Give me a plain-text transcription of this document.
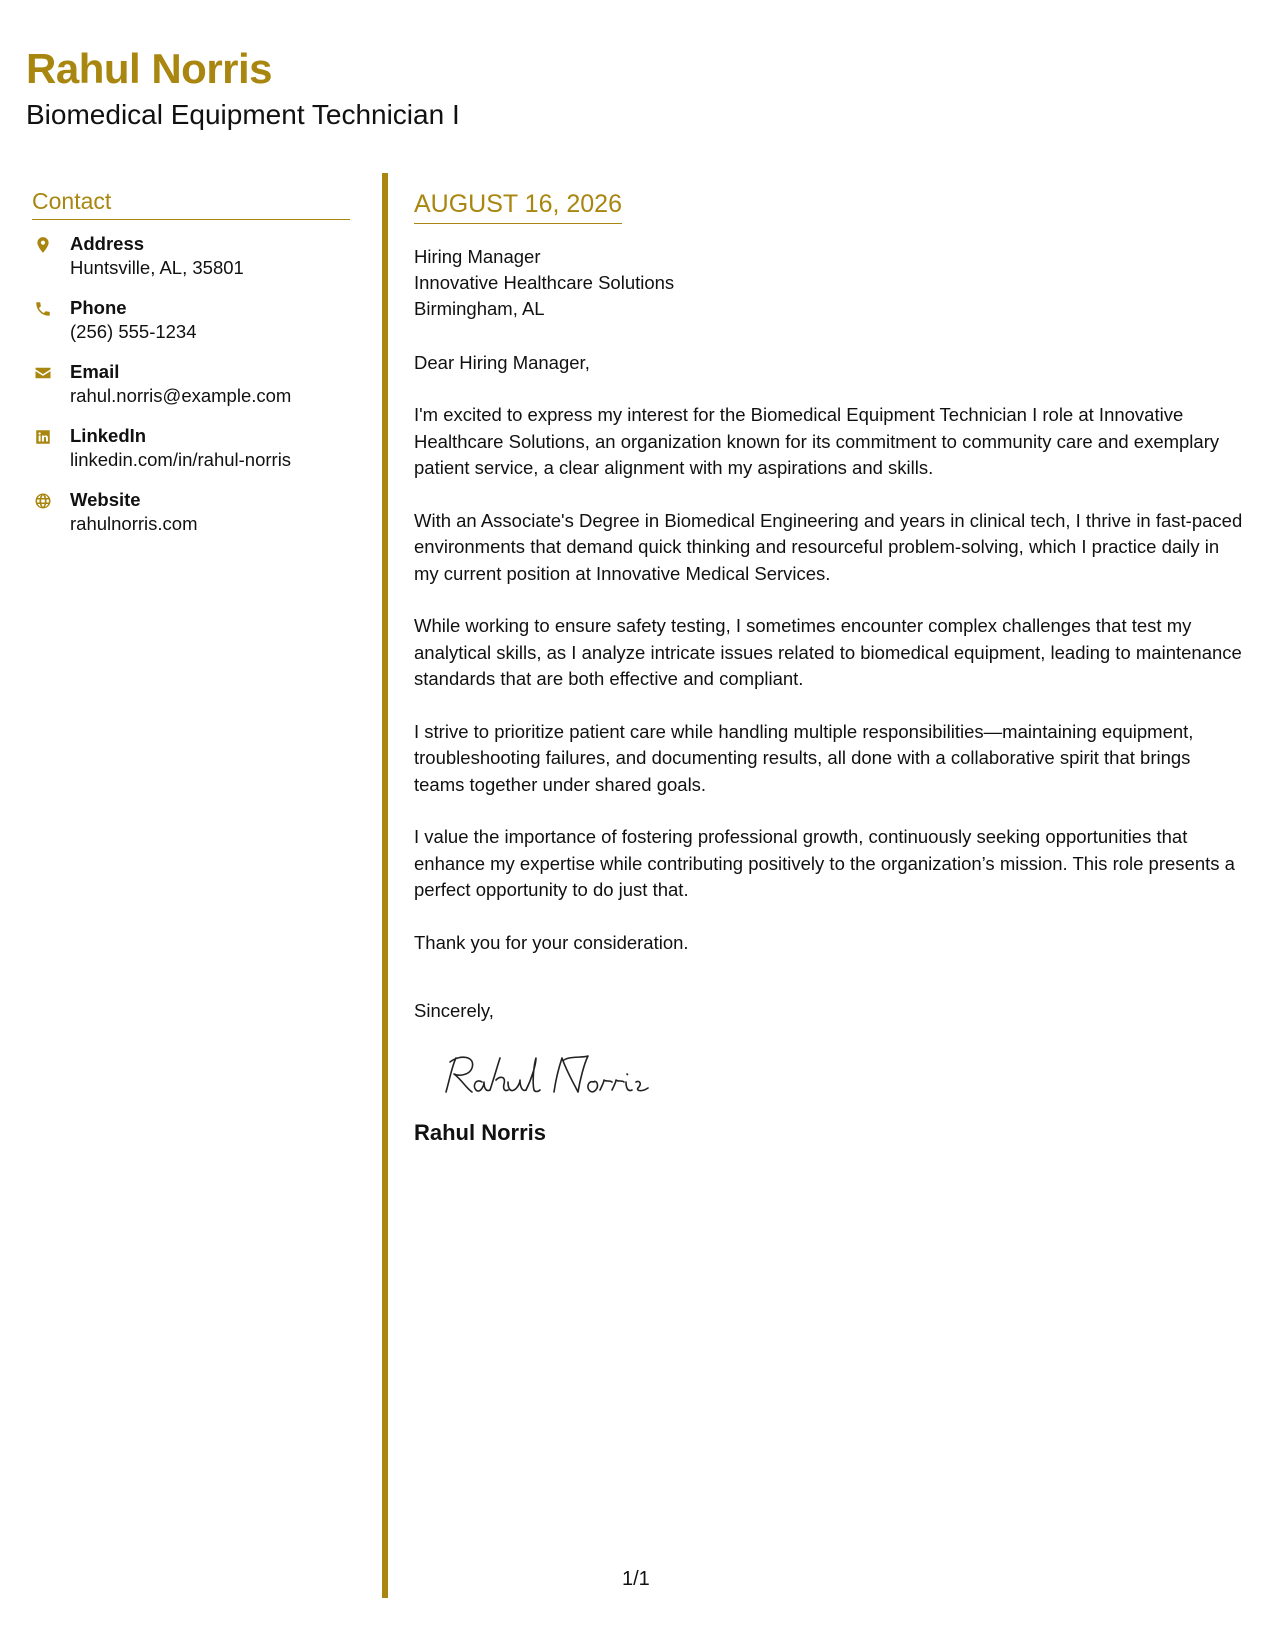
Rahul Norris
Biomedical Equipment Technician I
Contact
Address
Huntsville, AL, 35801
Phone
(256) 555-1234
Email
rahul.norris@example.com
LinkedIn
linkedin.com/in/rahul-norris
Website
rahulnorris.com
AUGUST 16, 2026
Hiring Manager
Innovative Healthcare Solutions
Birmingham, AL
Dear Hiring Manager,
I'm excited to express my interest for the Biomedical Equipment Technician I role at Innovative Healthcare Solutions, an organization known for its commitment to community care and exemplary patient service, a clear alignment with my aspirations and skills.
With an Associate's Degree in Biomedical Engineering and years in clinical tech, I thrive in fast-paced environments that demand quick thinking and resourceful problem-solving, which I practice daily in my current position at Innovative Medical Services.
While working to ensure safety testing, I sometimes encounter complex challenges that test my analytical skills, as I analyze intricate issues related to biomedical equipment, leading to maintenance standards that are both effective and compliant.
I strive to prioritize patient care while handling multiple responsibilities—maintaining equipment, troubleshooting failures, and documenting results, all done with a collaborative spirit that brings teams together under shared goals.
I value the importance of fostering professional growth, continuously seeking opportunities that enhance my expertise while contributing positively to the organization’s mission. This role presents a perfect opportunity to do just that.
Thank you for your consideration.
Sincerely,
Rahul Norris
1/1
